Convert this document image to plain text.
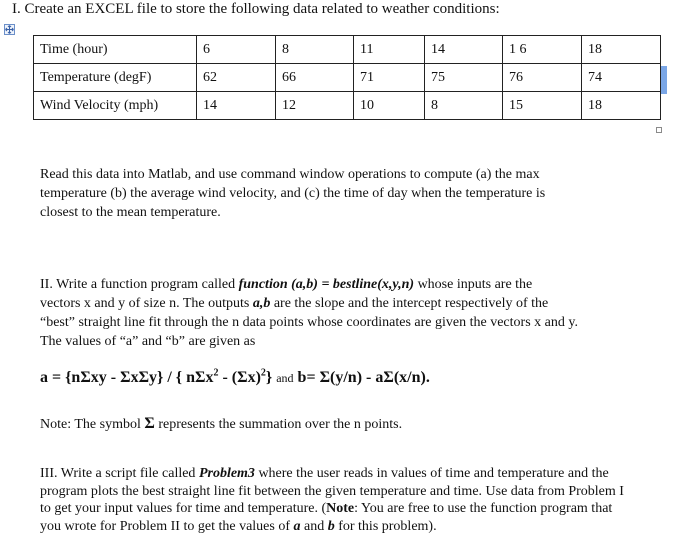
I. Create an EXCEL file to store the following data related to weather conditions:
Time (hour)	6	8	11	14	1 6	18
Temperature (degF)	62	66	71	75	76	74
Wind Velocity (mph)	14	12	10	8	15	18
Read this data into Matlab, and use command window operations to compute (a) the max
temperature (b) the average wind velocity, and (c) the time of day when the temperature is
closest to the mean temperature.
II. Write a function program called function (a,b) = bestline(x,y,n) whose inputs are the
vectors x and y of size n. The outputs a,b are the slope and the intercept respectively of the
“best” straight line fit through the n data points whose coordinates are given the vectors x and y.
The values of “a” and “b” are given as
a = {nΣxy - ΣxΣy} / { $n\Sigma x^2 - (\Sigma x)^2$} and b= Σ(y/n) - aΣ(x/n).
Note: The symbol Σ represents the summation over the n points.
III. Write a script file called Problem3 where the user reads in values of time and temperature and the
program plots the best straight line fit between the given temperature and time. Use data from Problem I
to get your input values for time and temperature. (Note: You are free to use the function program that
you wrote for Problem II to get the values of a and b for this problem).
